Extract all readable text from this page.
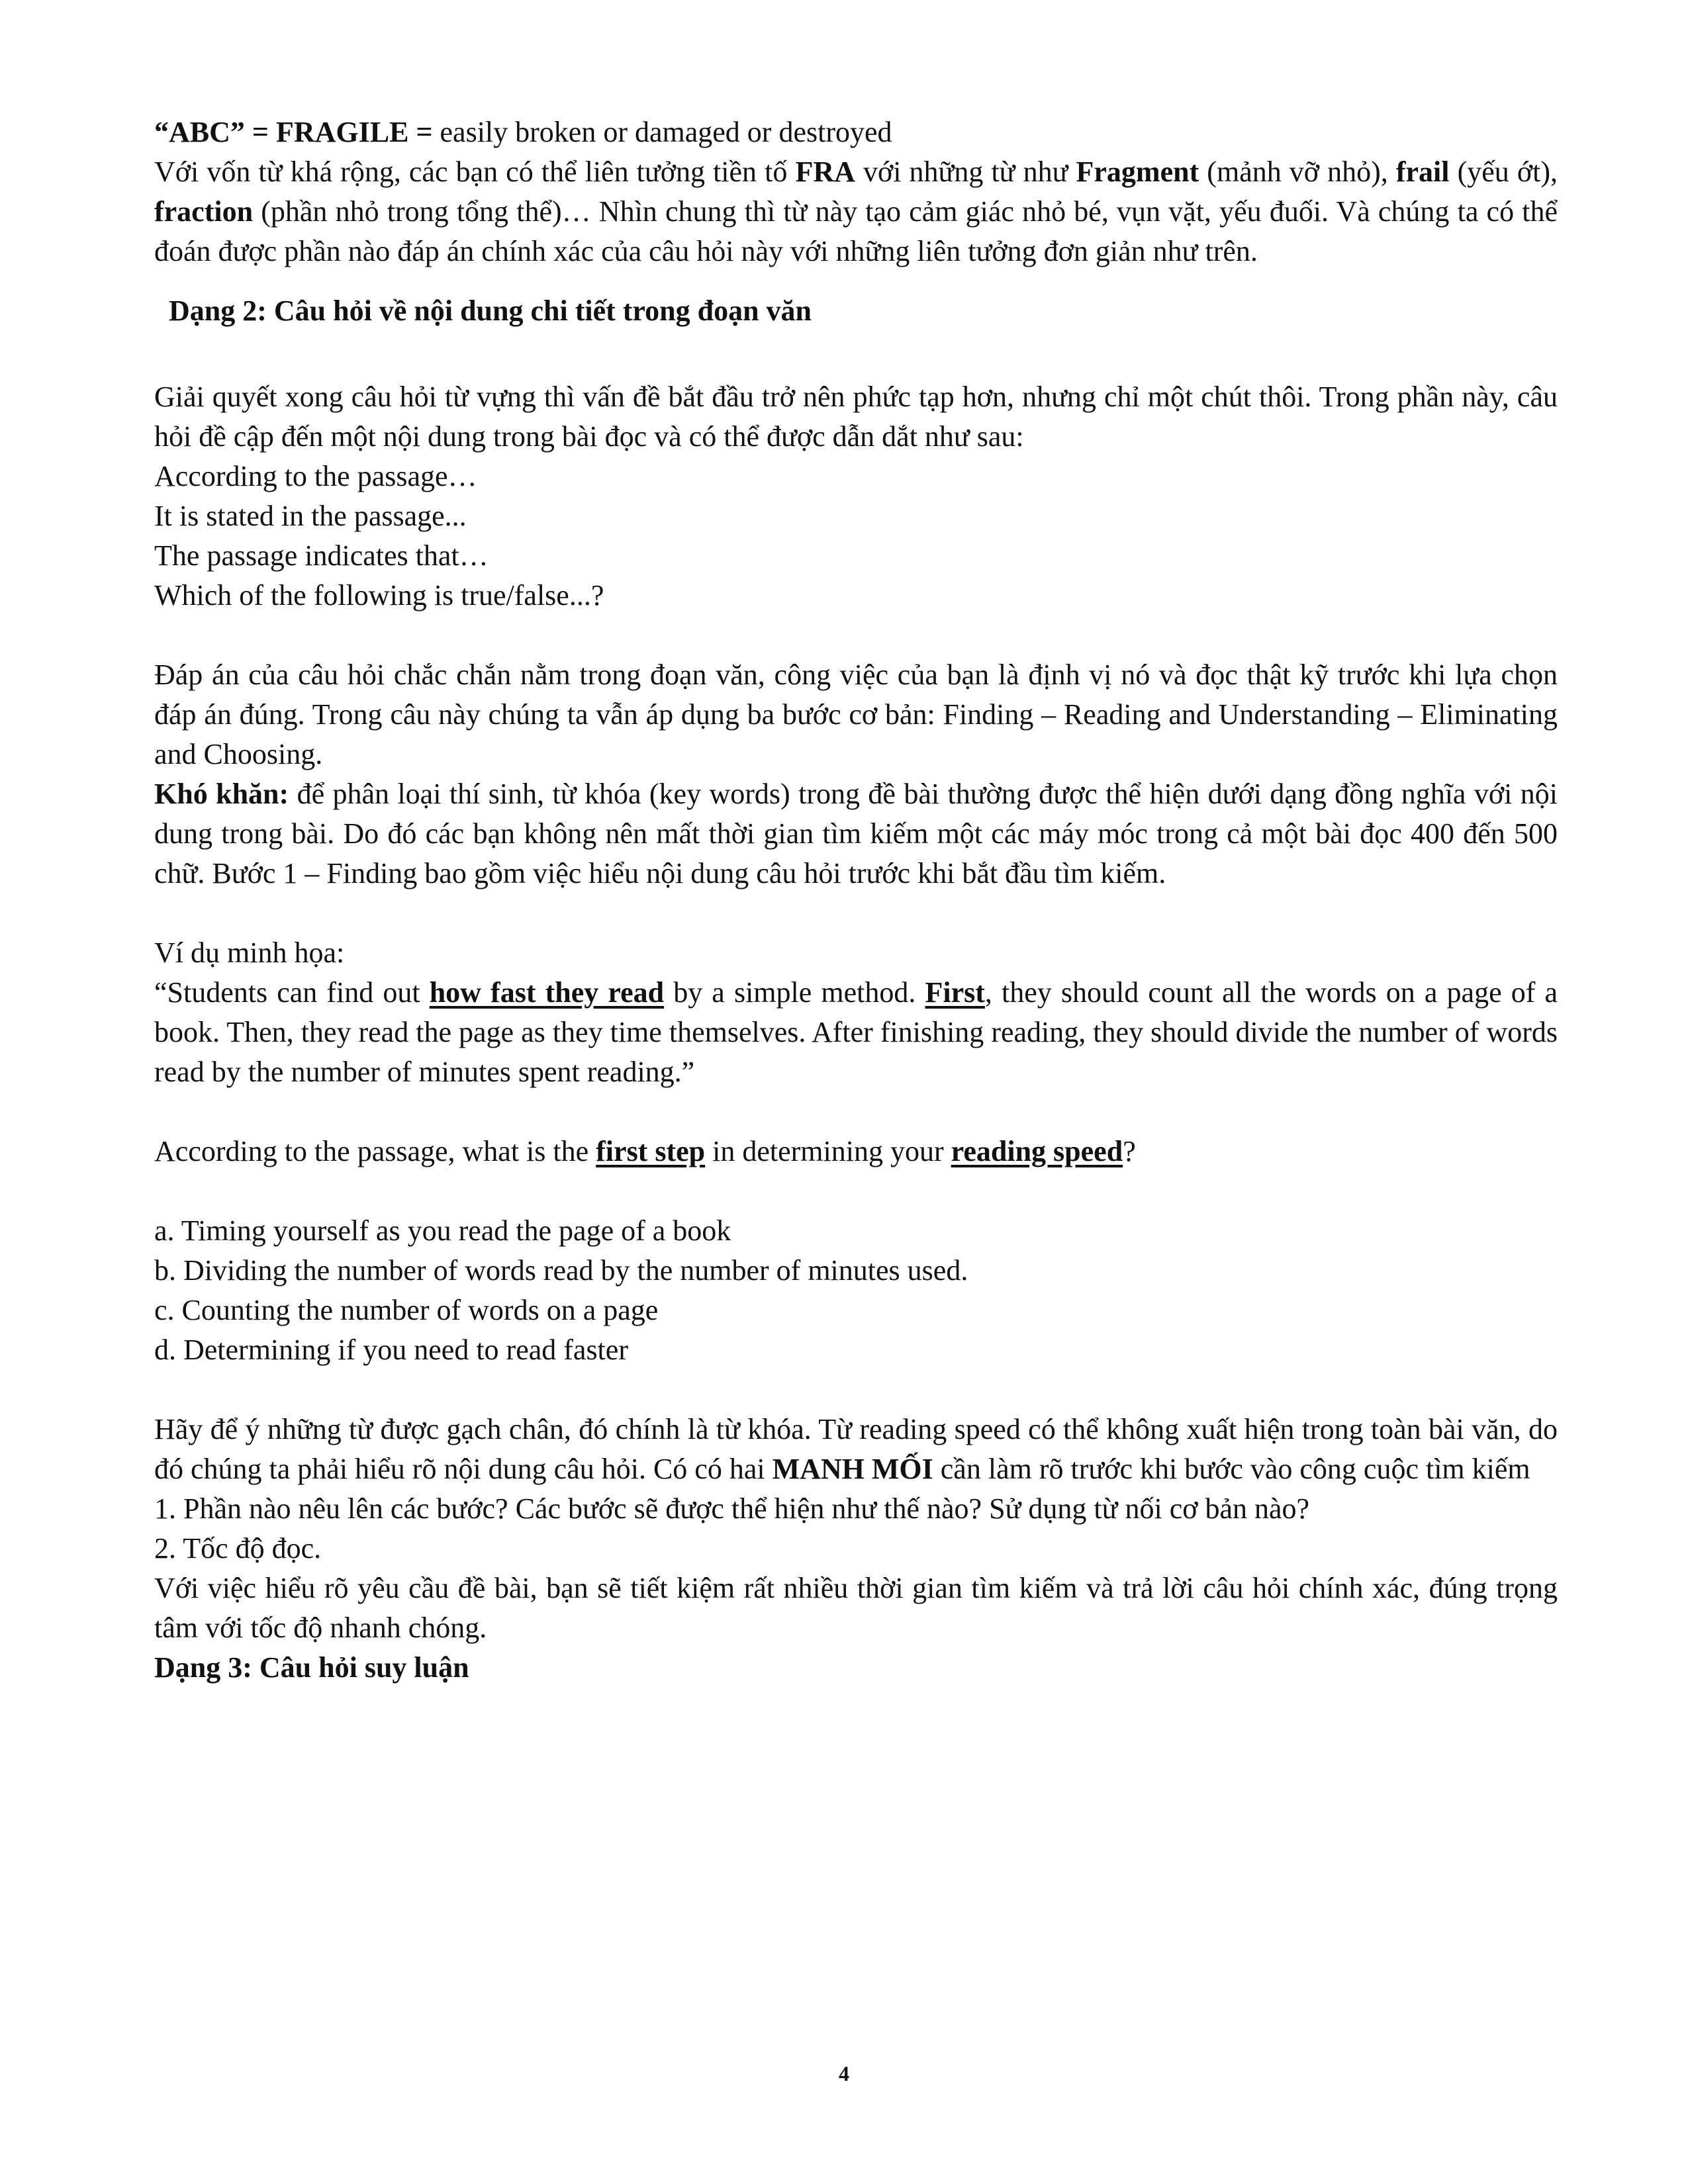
“ABC” = FRAGILE = easily broken or damaged or destroyed

Với vốn từ khá rộng, các bạn có thể liên tưởng tiền tố FRA với những từ như Fragment (mảnh vỡ nhỏ), frail (yếu ớt), fraction (phần nhỏ trong tổng thể)… Nhìn chung thì từ này tạo cảm giác nhỏ bé, vụn vặt, yếu đuối. Và chúng ta có thể đoán được phần nào đáp án chính xác của câu hỏi này với những liên tưởng đơn giản như trên.

Dạng 2: Câu hỏi về nội dung chi tiết trong đoạn văn

Giải quyết xong câu hỏi từ vựng thì vấn đề bắt đầu trở nên phức tạp hơn, nhưng chỉ một chút thôi. Trong phần này, câu hỏi đề cập đến một nội dung trong bài đọc và có thể được dẫn dắt như sau:

According to the passage…

It is stated in the passage...

The passage indicates that…

Which of the following is true/false...?

Đáp án của câu hỏi chắc chắn nằm trong đoạn văn, công việc của bạn là định vị nó và đọc thật kỹ trước khi lựa chọn đáp án đúng. Trong câu này chúng ta vẫn áp dụng ba bước cơ bản: Finding – Reading and Understanding – Eliminating and Choosing.

Khó khăn: để phân loại thí sinh, từ khóa (key words) trong đề bài thường được thể hiện dưới dạng đồng nghĩa với nội dung trong bài. Do đó các bạn không nên mất thời gian tìm kiếm một các máy móc trong cả một bài đọc 400 đến 500 chữ. Bước 1 – Finding bao gồm việc hiểu nội dung câu hỏi trước khi bắt đầu tìm kiếm.

Ví dụ minh họa:

“Students can find out how fast they read by a simple method. First, they should count all the words on a page of a book. Then, they read the page as they time themselves. After finishing reading, they should divide the number of words read by the number of minutes spent reading.”

According to the passage, what is the first step in determining your reading speed?

a. Timing yourself as you read the page of a book

b. Dividing the number of words read by the number of minutes used.

c. Counting the number of words on a page

d. Determining if you need to read faster

Hãy để ý những từ được gạch chân, đó chính là từ khóa. Từ reading speed có thể không xuất hiện trong toàn bài văn, do đó chúng ta phải hiểu rõ nội dung câu hỏi. Có có hai MANH MỐI cần làm rõ trước khi bước vào công cuộc tìm kiếm

1. Phần nào nêu lên các bước? Các bước sẽ được thể hiện như thế nào? Sử dụng từ nối cơ bản nào?

2. Tốc độ đọc.

Với việc hiểu rõ yêu cầu đề bài, bạn sẽ tiết kiệm rất nhiều thời gian tìm kiếm và trả lời câu hỏi chính xác, đúng trọng tâm với tốc độ nhanh chóng.

Dạng 3: Câu hỏi suy luận

4
